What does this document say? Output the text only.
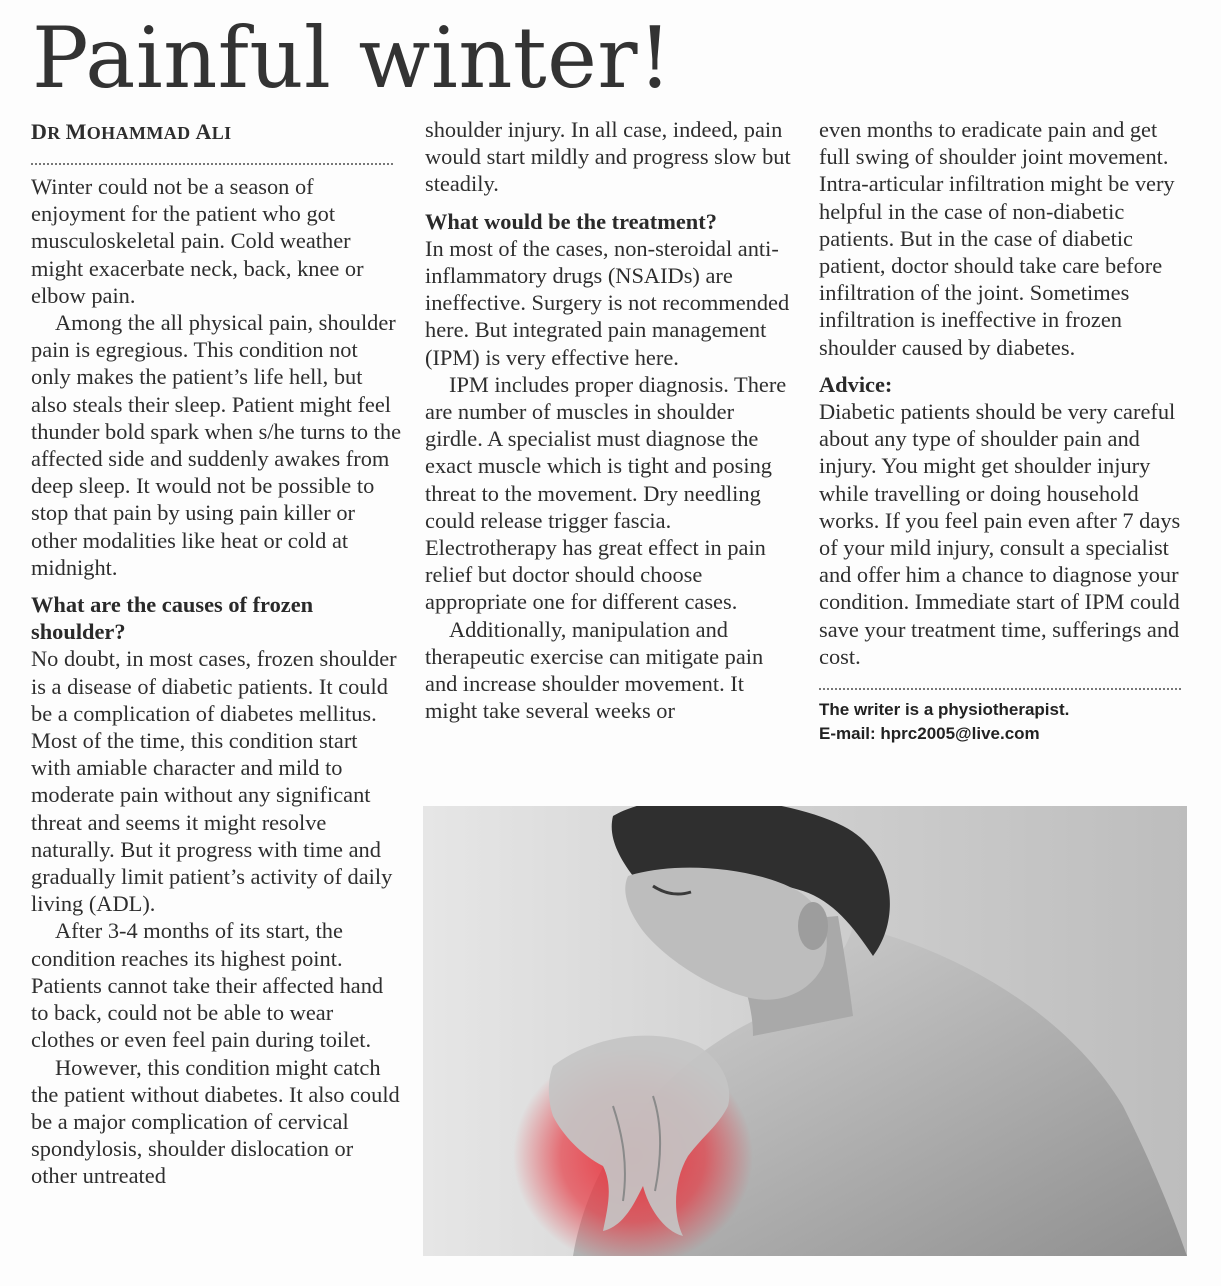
Painful winter!
DR MOHAMMAD ALI

Winter could not be a season of enjoyment for the patient who got musculoskeletal pain. Cold weather might exacerbate neck, back, knee or elbow pain.

Among the all physical pain, shoulder pain is egregious. This condition not only makes the patient’s life hell, but also steals their sleep. Patient might feel thunder bold spark when s/he turns to the affected side and suddenly awakes from deep sleep. It would not be possible to stop that pain by using pain killer or other modalities like heat or cold at midnight.

What are the causes of frozen shoulder?

No doubt, in most cases, frozen shoulder is a disease of diabetic patients. It could be a complication of diabetes mellitus. Most of the time, this condition start with amiable character and mild to moderate pain without any significant threat and seems it might resolve naturally. But it progress with time and gradually limit patient’s activity of daily living (ADL).

After 3-4 months of its start, the condition reaches its highest point. Patients cannot take their affected hand to back, could not be able to wear clothes or even feel pain during toilet.

However, this condition might catch the patient without diabetes. It also could be a major complication of cervical spondylosis, shoulder dislocation or other untreated

shoulder injury. In all case, indeed, pain would start mildly and progress slow but steadily.

What would be the treatment?

In most of the cases, non-steroidal anti-inflammatory drugs (NSAIDs) are ineffective. Surgery is not recommended here. But integrated pain management (IPM) is very effective here.

IPM includes proper diagnosis. There are number of muscles in shoulder girdle. A specialist must diagnose the exact muscle which is tight and posing threat to the movement. Dry needling could release trigger fascia. Electrotherapy has great effect in pain relief but doctor should choose appropriate one for different cases.

Additionally, manipulation and therapeutic exercise can mitigate pain and increase shoulder movement. It might take several weeks or

even months to eradicate pain and get full swing of shoulder joint movement. Intra-articular infiltration might be very helpful in the case of non-diabetic patients. But in the case of diabetic patient, doctor should take care before infiltration of the joint. Sometimes infiltration is ineffective in frozen shoulder caused by diabetes.

Advice:

Diabetic patients should be very careful about any type of shoulder pain and injury. You might get shoulder injury while travelling or doing household works. If you feel pain even after 7 days of your mild injury, consult a specialist and offer him a chance to diagnose your condition. Immediate start of IPM could save your treatment time, sufferings and cost.

The writer is a physiotherapist.
E-mail: hprc2005@live.com
